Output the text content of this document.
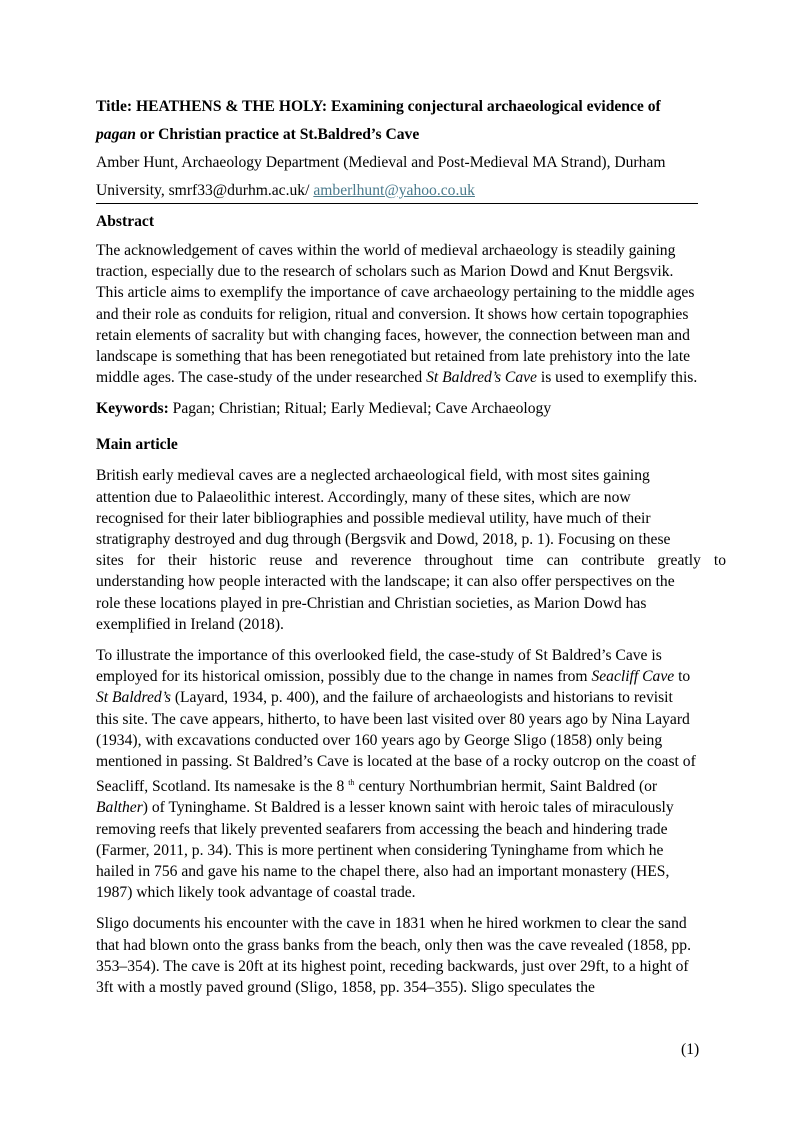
Title: HEATHENS & THE HOLY: Examining conjectural archaeological evidence of
pagan or Christian practice at St.Baldred’s Cave

Amber Hunt, Archaeology Department (Medieval and Post-Medieval MA Strand), Durham
University, smrf33@durhm.ac.uk/ amberlhunt@yahoo.co.uk

Abstract

The acknowledgement of caves within the world of medieval archaeology is steadily gaining traction, especially due to the research of scholars such as Marion Dowd and Knut Bergsvik. This article aims to exemplify the importance of cave archaeology pertaining to the middle ages and their role as conduits for religion, ritual and conversion. It shows how certain topographies retain elements of sacrality but with changing faces, however, the connection between man and landscape is something that has been renegotiated but retained from late prehistory into the late middle ages. The case-study of the under researched St Baldred’s Cave is used to exemplify this.

Keywords: Pagan; Christian; Ritual; Early Medieval; Cave Archaeology

Main article

British early medieval caves are a neglected archaeological field, with most sites gaining attention due to Palaeolithic interest. Accordingly, many of these sites, which are now recognised for their later bibliographies and possible medieval utility, have much of their stratigraphy destroyed and dug through (Bergsvik and Dowd, 2018, p. 1). Focusing on these
sites for their historic reuse and reverence throughout time can contribute greatly to
understanding how people interacted with the landscape; it can also offer perspectives on the role these locations played in pre-Christian and Christian societies, as Marion Dowd has exemplified in Ireland (2018).

To illustrate the importance of this overlooked field, the case-study of St Baldred’s Cave is employed for its historical omission, possibly due to the change in names from Seacliff Cave to St Baldred’s (Layard, 1934, p. 400), and the failure of archaeologists and historians to revisit this site. The cave appears, hitherto, to have been last visited over 80 years ago by Nina Layard (1934), with excavations conducted over 160 years ago by George Sligo (1858) only being mentioned in passing. St Baldred’s Cave is located at the base of a rocky outcrop on the coast of Seacliff, Scotland. Its namesake is the 8 $^{th}$ century Northumbrian hermit, Saint Baldred (or Balther) of Tyninghame. St Baldred is a lesser known saint with heroic tales of miraculously removing reefs that likely prevented seafarers from accessing the beach and hindering trade (Farmer, 2011, p. 34). This is more pertinent when considering Tyninghame from which he hailed in 756 and gave his name to the chapel there, also had an important monastery (HES, 1987) which likely took advantage of coastal trade.

Sligo documents his encounter with the cave in 1831 when he hired workmen to clear the sand that had blown onto the grass banks from the beach, only then was the cave revealed (1858, pp. 353–354). The cave is 20ft at its highest point, receding backwards, just over 29ft, to a hight of 3ft with a mostly paved ground (Sligo, 1858, pp. 354–355). Sligo speculates the

(1)
